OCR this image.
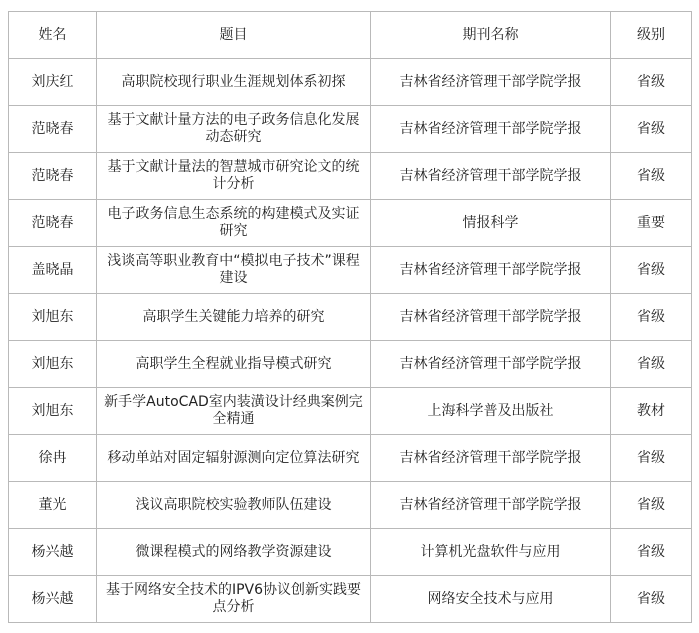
姓名	题目	期刊名称	级别
刘庆红	高职院校现行职业生涯规划体系初探	吉林省经济管理干部学院学报	省级
范晓春	基于文献计量方法的电子政务信息化发展动态研究	吉林省经济管理干部学院学报	省级
范晓春	基于文献计量法的智慧城市研究论文的统计分析	吉林省经济管理干部学院学报	省级
范晓春	电子政务信息生态系统的构建模式及实证研究	情报科学	重要
盖晓晶	浅谈高等职业教育中“模拟电子技术”课程建设	吉林省经济管理干部学院学报	省级
刘旭东	高职学生关键能力培养的研究	吉林省经济管理干部学院学报	省级
刘旭东	高职学生全程就业指导模式研究	吉林省经济管理干部学院学报	省级
刘旭东	新手学AutoCAD室内装潢设计经典案例完全精通	上海科学普及出版社	教材
徐冉	移动单站对固定辐射源测向定位算法研究	吉林省经济管理干部学院学报	省级
董光	浅议高职院校实验教师队伍建设	吉林省经济管理干部学院学报	省级
杨兴越	微课程模式的网络教学资源建设	计算机光盘软件与应用	省级
杨兴越	基于网络安全技术的IPV6协议创新实践要点分析	网络安全技术与应用	省级
